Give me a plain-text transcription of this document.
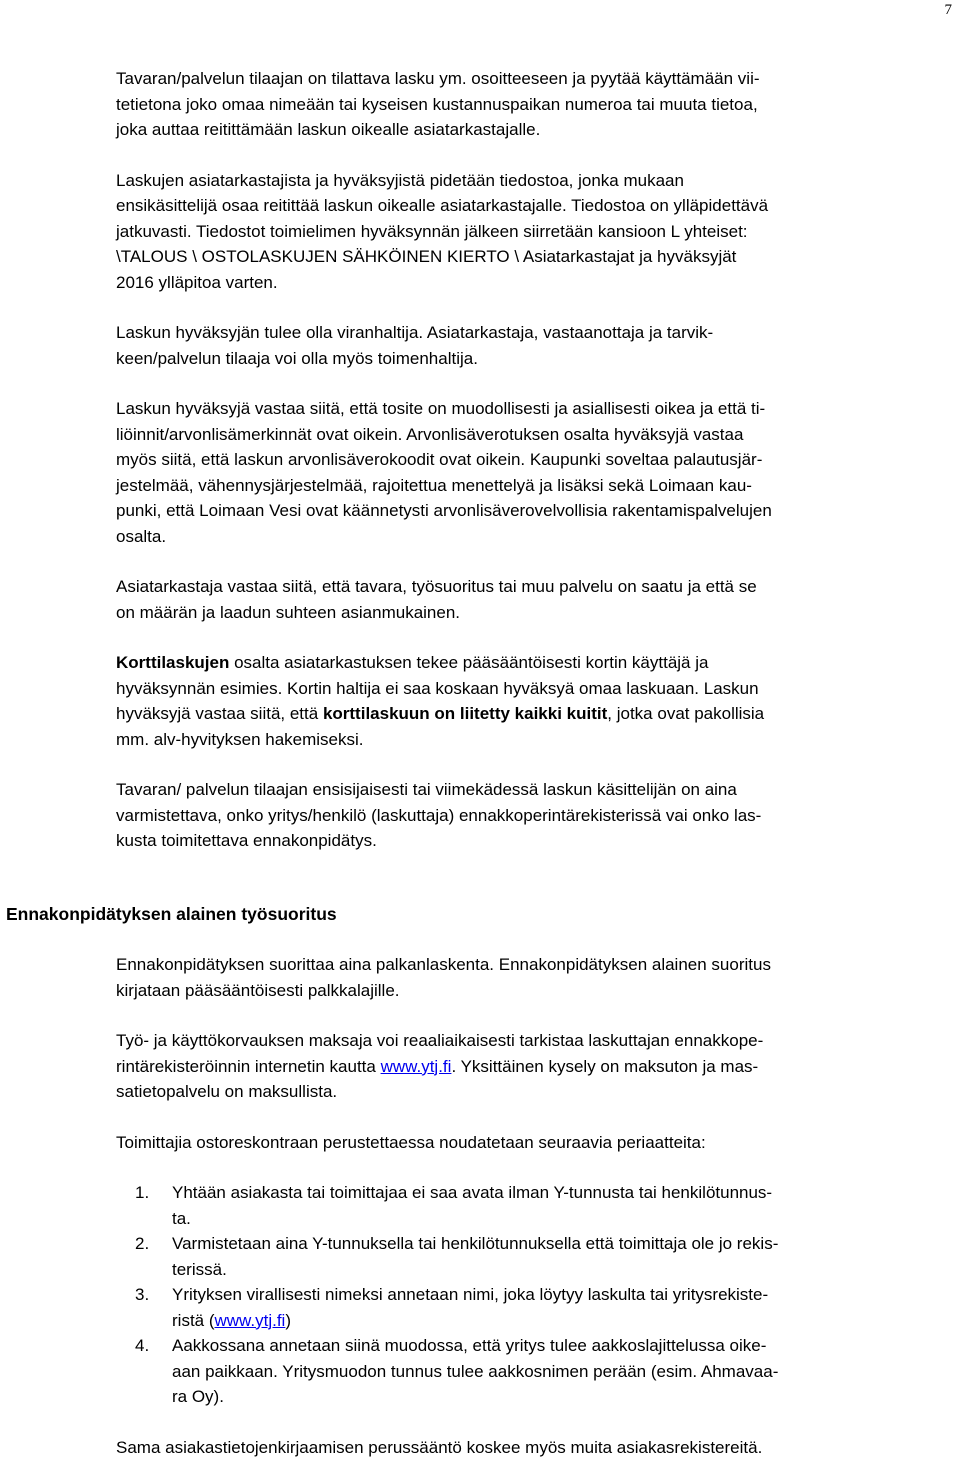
7

Tavaran/palvelun tilaajan on tilattava lasku ym. osoitteeseen ja pyytää käyttämään vii-
tetietona joko omaa nimeään tai kyseisen kustannuspaikan numeroa tai muuta tietoa,
joka auttaa reitittämään laskun oikealle asiatarkastajalle.

Laskujen asiatarkastajista ja hyväksyjistä pidetään tiedostoa, jonka mukaan
ensikäsittelijä osaa reitittää laskun oikealle asiatarkastajalle. Tiedostoa on ylläpidettävä
jatkuvasti. Tiedostot toimielimen hyväksynnän jälkeen siirretään kansioon L yhteiset:
\TALOUS \ OSTOLASKUJEN SÄHKÖINEN KIERTO \ Asiatarkastajat ja hyväksyjät
2016 ylläpitoa varten.

Laskun hyväksyjän tulee olla viranhaltija. Asiatarkastaja, vastaanottaja ja tarvik-
keen/palvelun tilaaja voi olla myös toimenhaltija.

Laskun hyväksyjä vastaa siitä, että tosite on muodollisesti ja asiallisesti oikea ja että ti-
liöinnit/arvonlisämerkinnät ovat oikein. Arvonlisäverotuksen osalta hyväksyjä vastaa
myös siitä, että laskun arvonlisäverokoodit ovat oikein. Kaupunki soveltaa palautusjär-
jestelmää, vähennysjärjestelmää, rajoitettua menettelyä ja lisäksi sekä Loimaan kau-
punki, että Loimaan Vesi ovat käännetysti arvonlisäverovelvollisia rakentamispalvelujen
osalta.

Asiatarkastaja vastaa siitä, että tavara, työsuoritus tai muu palvelu on saatu ja että se
on määrän ja laadun suhteen asianmukainen.

Korttilaskujen osalta asiatarkastuksen tekee pääsääntöisesti kortin käyttäjä ja
hyväksynnän esimies. Kortin haltija ei saa koskaan hyväksyä omaa laskuaan. Laskun
hyväksyjä vastaa siitä, että korttilaskuun on liitetty kaikki kuitit, jotka ovat pakollisia
mm. alv-hyvityksen hakemiseksi.

Tavaran/ palvelun tilaajan ensisijaisesti tai viimekädessä laskun käsittelijän on aina
varmistettava, onko yritys/henkilö (laskuttaja) ennakkoperintärekisterissä vai onko las-
kusta toimitettava ennakonpidätys.

Ennakonpidätyksen alainen työsuoritus

Ennakonpidätyksen suorittaa aina palkanlaskenta. Ennakonpidätyksen alainen suoritus
kirjataan pääsääntöisesti palkkalajille.

Työ- ja käyttökorvauksen maksaja voi reaaliaikaisesti tarkistaa laskuttajan ennakkope-
rintärekisteröinnin internetin kautta www.ytj.fi. Yksittäinen kysely on maksuton ja mas-
satietopalvelu on maksullista.

Toimittajia ostoreskontraan perustettaessa noudatetaan seuraavia periaatteita:

1. Yhtään asiakasta tai toimittajaa ei saa avata ilman Y-tunnusta tai henkilötunnus-
ta.
2. Varmistetaan aina Y-tunnuksella tai henkilötunnuksella että toimittaja ole jo rekis-
terissä.
3. Yrityksen virallisesti nimeksi annetaan nimi, joka löytyy laskulta tai yritysrekiste-
ristä (www.ytj.fi)
4. Aakkossana annetaan siinä muodossa, että yritys tulee aakkoslajittelussa oike-
aan paikkaan. Yritysmuodon tunnus tulee aakkosnimen perään (esim. Ahmavaa-
ra Oy).

Sama asiakastietojenkirjaamisen perussääntö koskee myös muita asiakasrekistereitä.
